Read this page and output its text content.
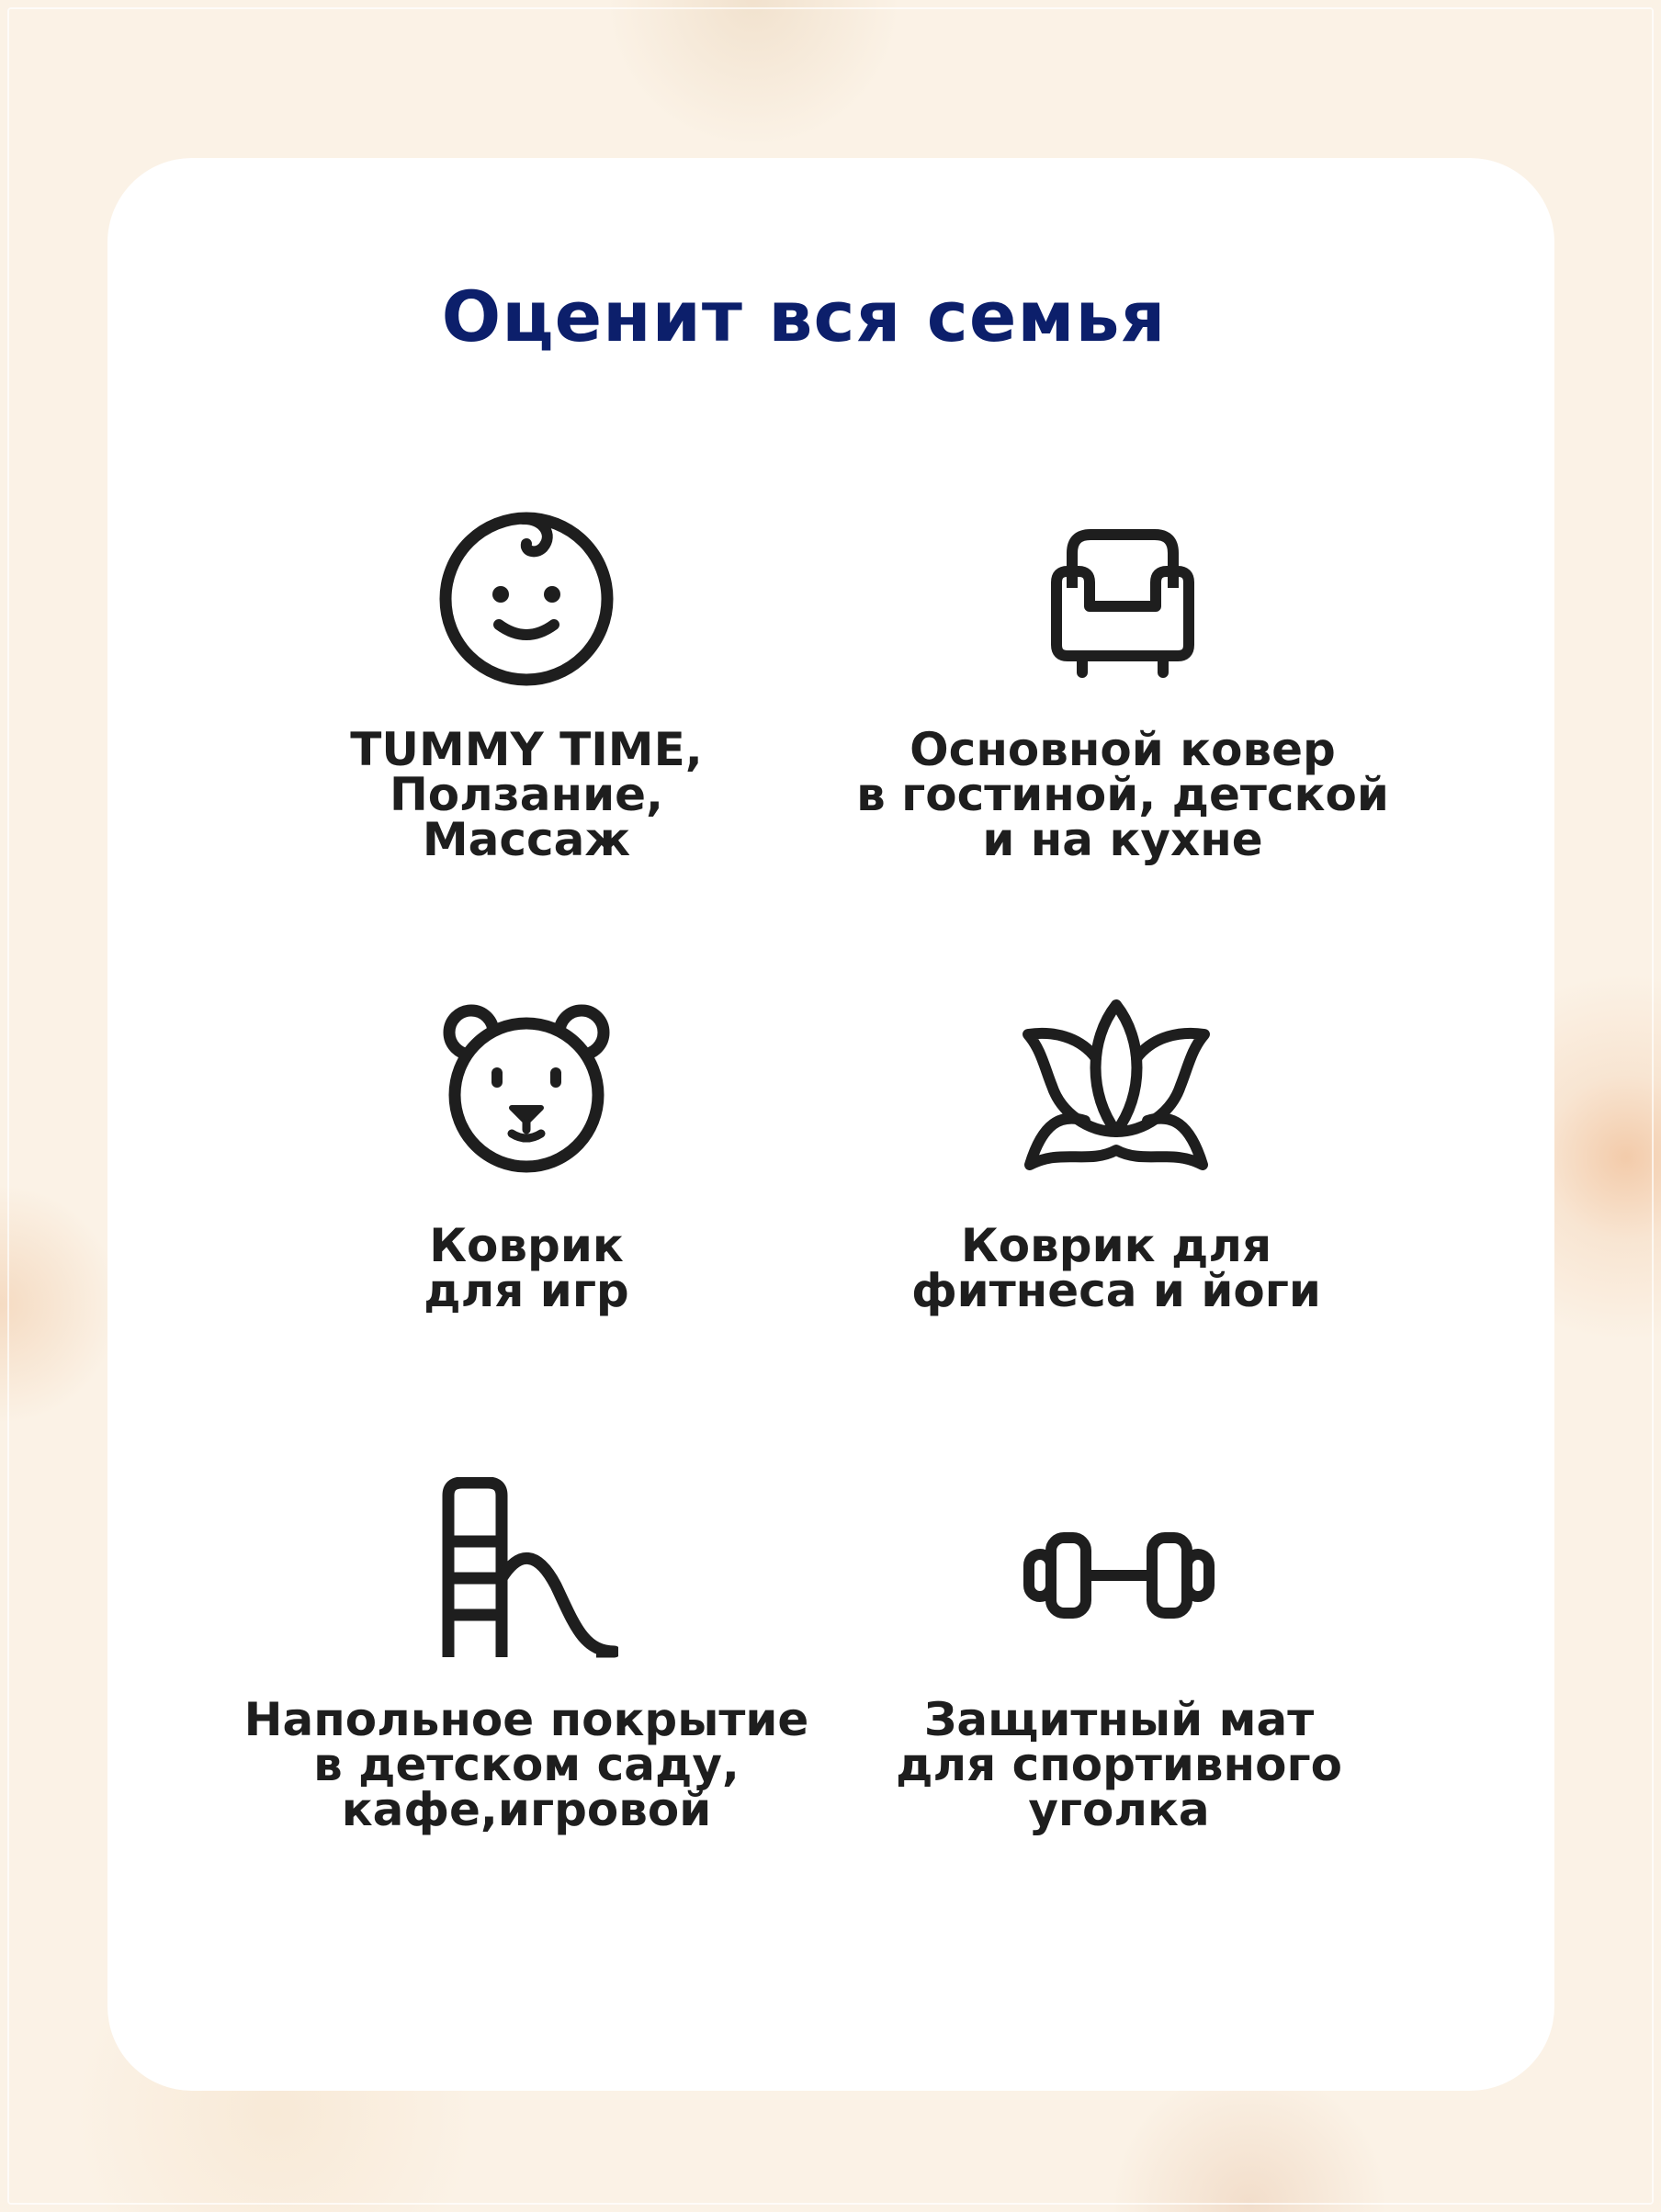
Оценит вся семья
TUMMY TIME,
Ползание,
Массаж
Основной ковер
в гостиной, детской
и на кухне
Коврик
для игр
Коврик для
фитнеса и йоги
Напольное покрытие
в детском саду,
кафе,игровой
Защитный мат
для спортивного
уголка
